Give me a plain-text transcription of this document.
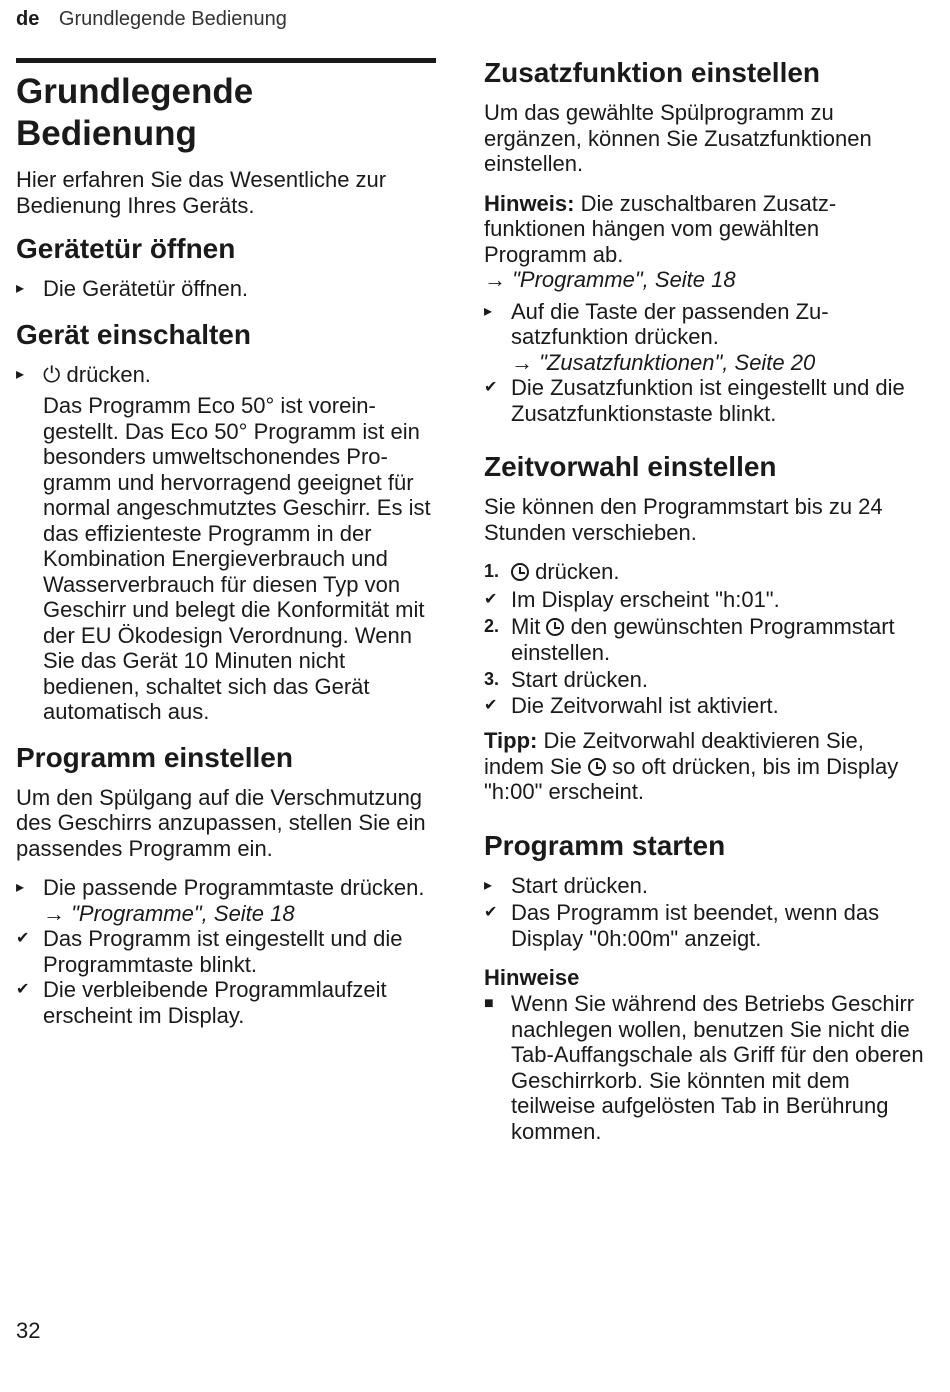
de Grundlegende Bedienung
Grundlegende Bedienung

Hier erfahren Sie das Wesentliche zur Bedienung Ihres Geräts.

Gerätetür öffnen
▸ Die Gerätetür öffnen.
Gerät einschalten
▸ ⏻ drücken.
Das Programm Eco 50° ist voreingestellt. Das Eco 50° Programm ist ein besonders umweltschonendes Programm und hervorragend geeignet für normal angeschmutztes Geschirr. Es ist das effizienteste Programm in der Kombination Energieverbrauch und Wasserverbrauch für diesen Typ von Geschirr und belegt die Konformität mit der EU Ökodesign Verordnung. Wenn Sie das Gerät 10 Minuten nicht bedienen, schaltet sich das Gerät automatisch aus.
Programm einstellen

Um den Spülgang auf die Verschmutzung des Geschirrs anzupassen, stellen Sie ein passendes Programm ein.

▸ Die passende Programmtaste drücken.
→ "Programme", Seite 18
✔ Das Programm ist eingestellt und die Programmtaste blinkt.
✔ Die verbleibende Programmlaufzeit erscheint im Display.
Zusatzfunktion einstellen

Um das gewählte Spülprogramm zu ergänzen, können Sie Zusatzfunktionen einstellen.

Hinweis: Die zuschaltbaren Zusatzfunktionen hängen vom gewählten Programm ab.
→ "Programme", Seite 18

▸ Auf die Taste der passenden Zusatzfunktion drücken.
→ "Zusatzfunktionen", Seite 20
✔ Die Zusatzfunktion ist eingestellt und die Zusatzfunktionstaste blinkt.
Zeitvorwahl einstellen

Sie können den Programmstart bis zu 24 Stunden verschieben.

1.	drücken.
✔ Im Display erscheint "h:01".
2. Mit den gewünschten Programmstart einstellen.
3. Start drücken.
✔ Die Zeitvorwahl ist aktiviert.

Tipp: Die Zeitvorwahl deaktivieren Sie, indem Sie so oft drücken, bis im Display "h:00" erscheint.

Programm starten
▸ Start drücken.
✔ Das Programm ist beendet, wenn das Display "0h:00m" anzeigt.
Hinweise
■ Wenn Sie während des Betriebs Geschirr nachlegen wollen, benutzen Sie nicht die Tab-Auffangschale als Griff für den oberen Geschirrkorb. Sie könnten mit dem teilweise aufgelösten Tab in Berührung kommen.
32
